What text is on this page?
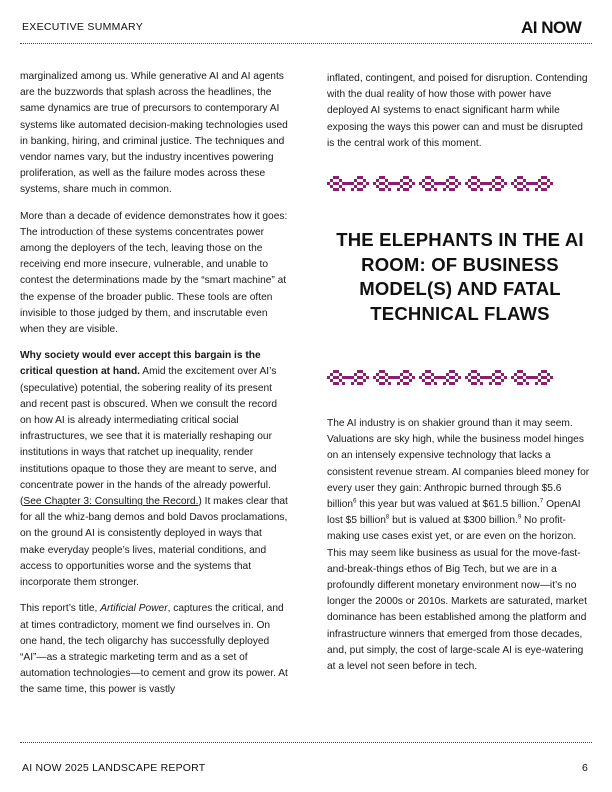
EXECUTIVE SUMMARY	AI NOW

marginalized among us. While generative AI and AI agents are the buzzwords that splash across the headlines, the same dynamics are true of precursors to contemporary AI systems like automated decision-making technologies used in banking, hiring, and criminal justice. The techniques and vendor names vary, but the industry incentives powering proliferation, as well as the failure modes across these systems, share much in common.

More than a decade of evidence demonstrates how it goes: The introduction of these systems concentrates power among the deployers of the tech, leaving those on the receiving end more insecure, vulnerable, and unable to contest the determinations made by the “smart machine” at the expense of the broader public. These tools are often invisible to those judged by them, and inscrutable even when they are visible.

Why society would ever accept this bargain is the critical question at hand. Amid the excitement over AI’s (speculative) potential, the sobering reality of its present and recent past is obscured. When we consult the record on how AI is already intermediating critical social infrastructures, we see that it is materially reshaping our institutions in ways that ratchet up inequality, render institutions opaque to those they are meant to serve, and concentrate power in the hands of the already powerful. (See Chapter 3: Consulting the Record.) It makes clear that for all the whiz-bang demos and bold Davos proclamations, on the ground AI is consistently deployed in ways that make everyday people’s lives, material conditions, and access to opportunities worse and the systems that incorporate them stronger.

This report’s title, Artificial Power, captures the critical, and at times contradictory, moment we find ourselves in. On one hand, the tech oligarchy has successfully deployed “AI”—as a strategic marketing term and as a set of automation technologies—to cement and grow its power. At the same time, this power is vastly

inflated, contingent, and poised for disruption. Contending with the dual reality of how those with power have deployed AI systems to enact significant harm while exposing the ways this power can and must be disrupted is the central work of this moment.

THE ELEPHANTS IN THE AI ROOM: OF BUSINESS MODEL(S) AND FATAL TECHNICAL FLAWS

The AI industry is on shakier ground than it may seem. Valuations are sky high, while the business model hinges on an intensely expensive technology that lacks a consistent revenue stream. AI companies bleed money for every user they gain: Anthropic burned through $5.6 billion$^6$ this year but was valued at $61.5 billion.$^7$ OpenAI lost $5 billion$^8$ but is valued at $300 billion.$^9$ No profit-making use cases exist yet, or are even on the horizon. This may seem like business as usual for the move-fast-and-break-things ethos of Big Tech, but we are in a profoundly different monetary environment now—it’s no longer the 2000s or 2010s. Markets are saturated, market dominance has been established among the platform and infrastructure winners that emerged from those decades, and, put simply, the cost of large-scale AI is eye-watering at a level not seen before in tech.

AI NOW 2025 LANDSCAPE REPORT	6
